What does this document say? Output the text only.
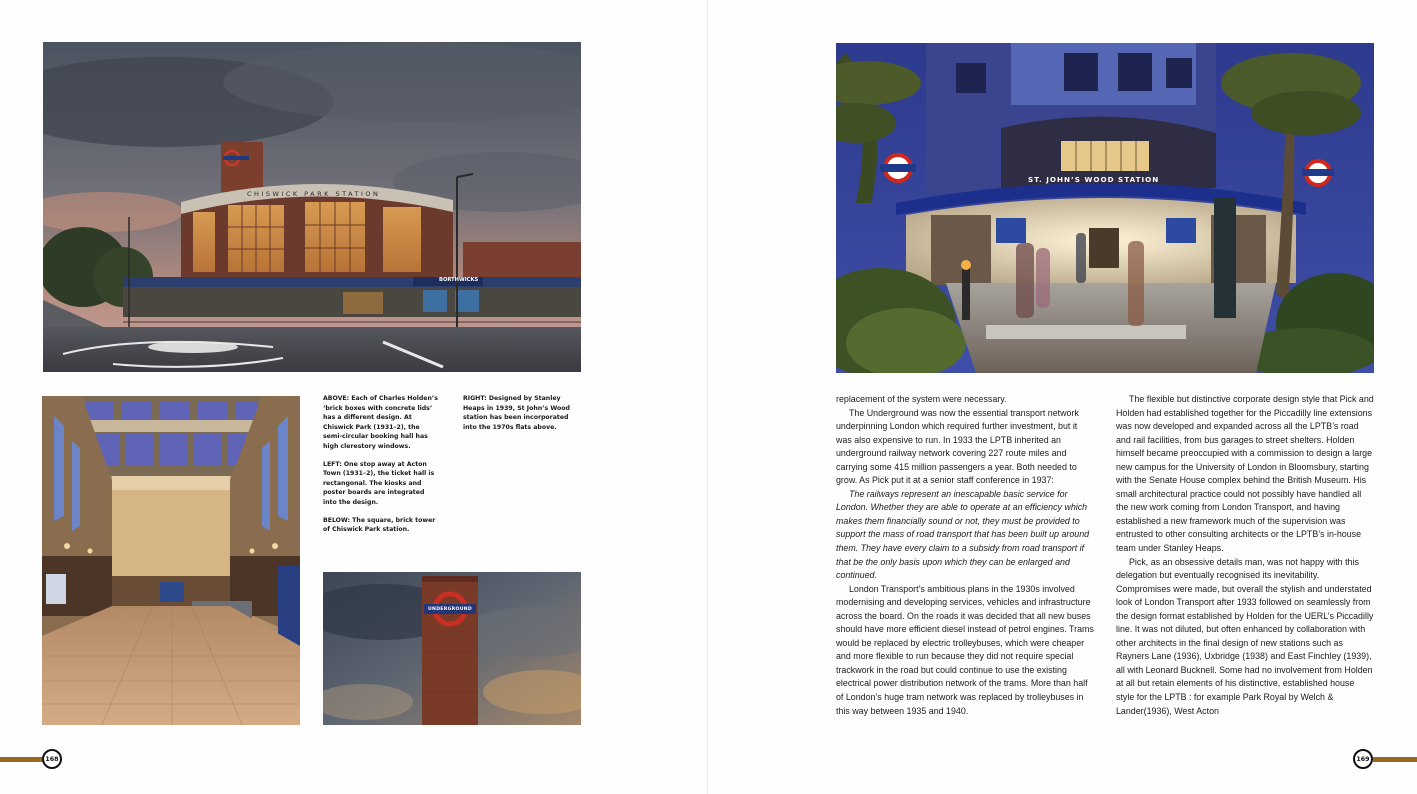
CHISWICK PARK STATION
BORTHWICKS

ABOVE: Each of Charles Holden’s ‘brick boxes with concrete lids’ has a different design. At Chiswick Park (1931–2), the semi-circular booking hall has high clerestory windows.

LEFT: One stop away at Acton Town (1931–2), the ticket hall is rectangonal. The kiosks and poster boards are integrated into the design.

BELOW: The square, brick tower of Chiswick Park station.

RIGHT: Designed by Stanley Heaps in 1939, St John’s Wood station has been incorporated into the 1970s flats above.

UNDERGROUND
168
ST. JOHN’S WOOD STATION

replacement of the system were necessary.

The Underground was now the essential transport network underpinning London which required further investment, but it was also expensive to run. In 1933 the LPTB inherited an underground railway network covering 227 route miles and carrying some 415 million passengers a year. Both needed to grow. As Pick put it at a senior staff conference in 1937:

The railways represent an inescapable basic service for London. Whether they are able to operate at an efficiency which makes them financially sound or not, they must be provided to support the mass of road transport that has been built up around them. They have every claim to a subsidy from road transport if that be the only basis upon which they can be enlarged and continued.

London Transport’s ambitious plans in the 1930s involved modernising and developing services, vehicles and infrastructure across the board. On the roads it was decided that all new buses should have more efficient diesel instead of petrol engines. Trams would be replaced by electric trolleybuses, which were cheaper and more flexible to run because they did not require special trackwork in the road but could continue to use the existing electrical power distribution network of the trams. More than half of London’s huge tram network was replaced by trolleybuses in this way between 1935 and 1940.

The flexible but distinctive corporate design style that Pick and Holden had established together for the Piccadilly line extensions was now developed and expanded across all the LPTB’s road and rail facilities, from bus garages to street shelters. Holden himself became preoccupied with a commission to design a large new campus for the University of London in Bloomsbury, starting with the Senate House complex behind the British Museum. His small architectural practice could not possibly have handled all the new work coming from London Transport, and having established a new framework much of the supervision was entrusted to other consulting architects or the LPTB’s in-house team under Stanley Heaps.

Pick, as an obsessive details man, was not happy with this delegation but eventually recognised its inevitability. Compromises were made, but overall the stylish and understated look of London Transport after 1933 followed on seamlessly from the design format established by Holden for the UERL’s Piccadilly line. It was not diluted, but often enhanced by collaboration with other architects in the final design of new stations such as Rayners Lane (1936), Uxbridge (1938) and East Finchley (1939), all with Leonard Bucknell. Some had no involvement from Holden at all but retain elements of his distinctive, established house style for the LPTB : for example Park Royal by Welch & Lander(1936), West Acton

169
